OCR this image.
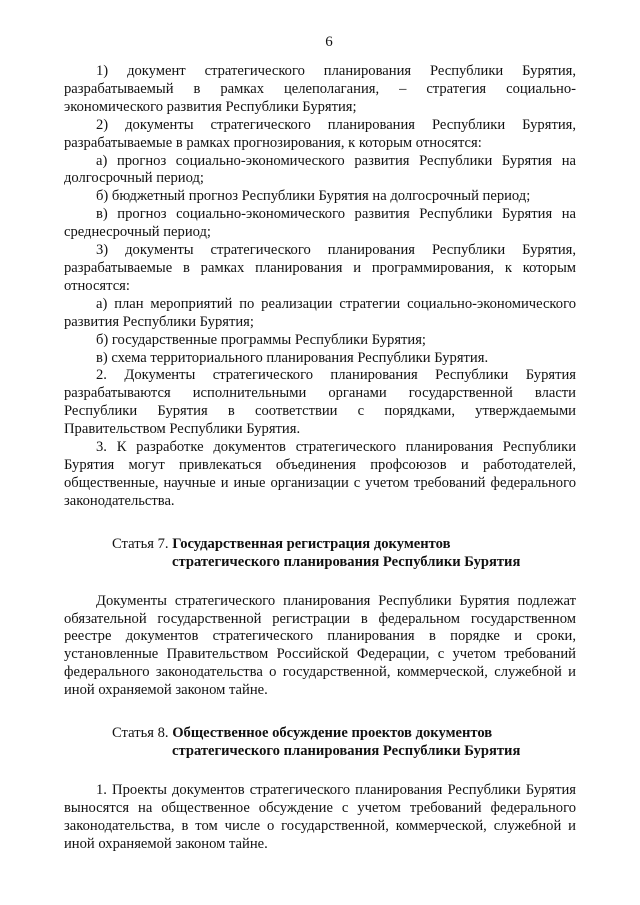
6
1) документ стратегического планирования Республики Бурятия, разрабатываемый в рамках целеполагания, – стратегия социально-экономического развития Республики Бурятия;
2) документы стратегического планирования Республики Бурятия, разрабатываемые в рамках прогнозирования, к которым относятся:
а) прогноз социально-экономического развития Республики Бурятия на долгосрочный период;
б) бюджетный прогноз Республики Бурятия на долгосрочный период;
в) прогноз социально-экономического развития Республики Бурятия на среднесрочный период;
3) документы стратегического планирования Республики Бурятия, разрабатываемые в рамках планирования и программирования, к которым относятся:
а) план мероприятий по реализации стратегии социально-экономического развития Республики Бурятия;
б) государственные программы Республики Бурятия;
в) схема территориального планирования Республики Бурятия.
2. Документы стратегического планирования Республики Бурятия разрабатываются исполнительными органами государственной власти Республики Бурятия в соответствии с порядками, утверждаемыми Правительством Республики Бурятия.
3. К разработке документов стратегического планирования Республики Бурятия могут привлекаться объединения профсоюзов и работодателей, общественные, научные и иные организации с учетом требований федерального законодательства.
Статья 7. Государственная регистрация документов
стратегического планирования Республики Бурятия
Документы стратегического планирования Республики Бурятия подлежат обязательной государственной регистрации в федеральном государственном реестре документов стратегического планирования в порядке и сроки, установленные Правительством Российской Федерации, с учетом требований федерального законодательства о государственной, коммерческой, служебной и иной охраняемой законом тайне.
Статья 8. Общественное обсуждение проектов документов
стратегического планирования Республики Бурятия
1. Проекты документов стратегического планирования Республики Бурятия выносятся на общественное обсуждение с учетом требований федерального законодательства, в том числе о государственной, коммерческой, служебной и иной охраняемой законом тайне.
